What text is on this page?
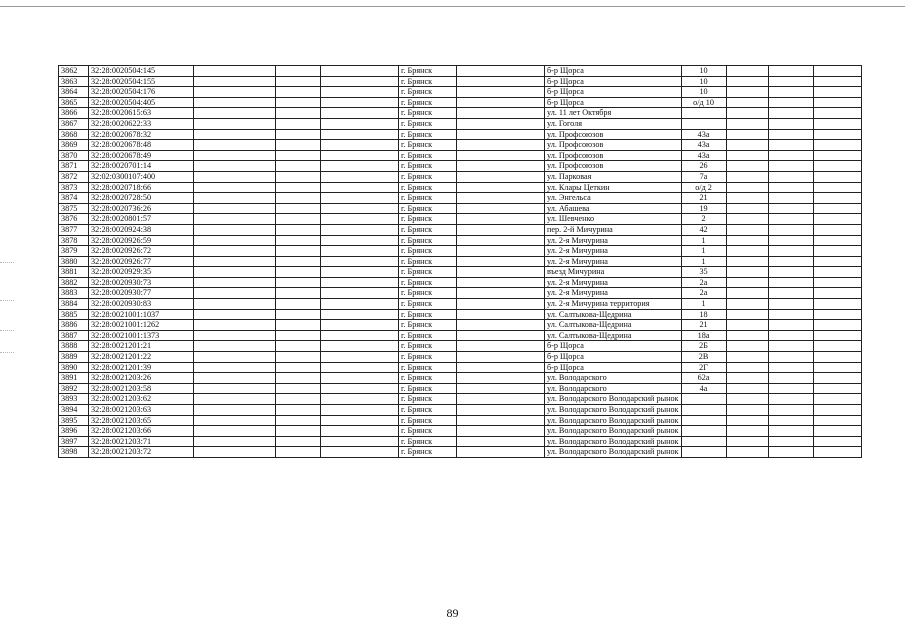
3862	32:28:0020504:145				г. Брянск		б-р Щорса	10			
3863	32:28:0020504:155				г. Брянск		б-р Щорса	10			
3864	32:28:0020504:176				г. Брянск		б-р Щорса	10			
3865	32:28:0020504:405				г. Брянск		б-р Щорса	о/д 10			
3866	32:28:0020615:63				г. Брянск		ул. 11 лет Октября				
3867	32:28:0020622:33				г. Брянск		ул. Гоголя				
3868	32:28:0020678:32				г. Брянск		ул. Профсоюзов	43а			
3869	32:28:0020678:48				г. Брянск		ул. Профсоюзов	43а			
3870	32:28:0020678:49				г. Брянск		ул. Профсоюзов	43а			
3871	32:28:0020701:14				г. Брянск		ул. Профсоюзов	26			
3872	32:02:0300107:400				г. Брянск		ул. Парковая	7а			
3873	32:28:0020718:66				г. Брянск		ул. Клары Цеткин	о/д 2			
3874	32:28:0020728:50				г. Брянск		ул. Энгельса	21			
3875	32:28:0020736:26				г. Брянск		ул. Абашева	19			
3876	32:28:0020801:57				г. Брянск		ул. Шевченко	2			
3877	32:28:0020924:38				г. Брянск		пер. 2-й Мичурина	42			
3878	32:28:0020926:59				г. Брянск		ул. 2-я Мичурина	1			
3879	32:28:0020926:72				г. Брянск		ул. 2-я Мичурина	1			
3880	32:28:0020926:77				г. Брянск		ул. 2-я Мичурина	1			
3881	32:28:0020929:35				г. Брянск		въезд Мичурина	35			
3882	32:28:0020930:73				г. Брянск		ул. 2-я Мичурина	2а			
3883	32:28:0020930:77				г. Брянск		ул. 2-я Мичурина	2а			
3884	32:28:0020930:83				г. Брянск		ул. 2-я Мичурина территория	1			
3885	32:28:0021001:1037				г. Брянск		ул. Салтыкова-Щедрина	18			
3886	32:28:0021001:1262				г. Брянск		ул. Салтыкова-Щедрина	21			
3887	32:28:0021001:1373				г. Брянск		ул. Салтыкова-Щедрина	18а			
3888	32:28:0021201:21				г. Брянск		б-р Щорса	2Б			
3889	32:28:0021201:22				г. Брянск		б-р Щорса	2В			
3890	32:28:0021201:39				г. Брянск		б-р Щорса	2Г			
3891	32:28:0021203:26				г. Брянск		ул. Володарского	62а			
3892	32:28:0021203:58				г. Брянск		ул. Володарского	4а			
3893	32:28:0021203:62				г. Брянск		ул. Володарского Володарский рынок				
3894	32:28:0021203:63				г. Брянск		ул. Володарского Володарский рынок				
3895	32:28:0021203:65				г. Брянск		ул. Володарского Володарский рынок				
3896	32:28:0021203:66				г. Брянск		ул. Володарского Володарский рынок				
3897	32:28:0021203:71				г. Брянск		ул. Володарского Володарский рынок				
3898	32:28:0021203:72				г. Брянск		ул. Володарского Володарский рынок				
89
